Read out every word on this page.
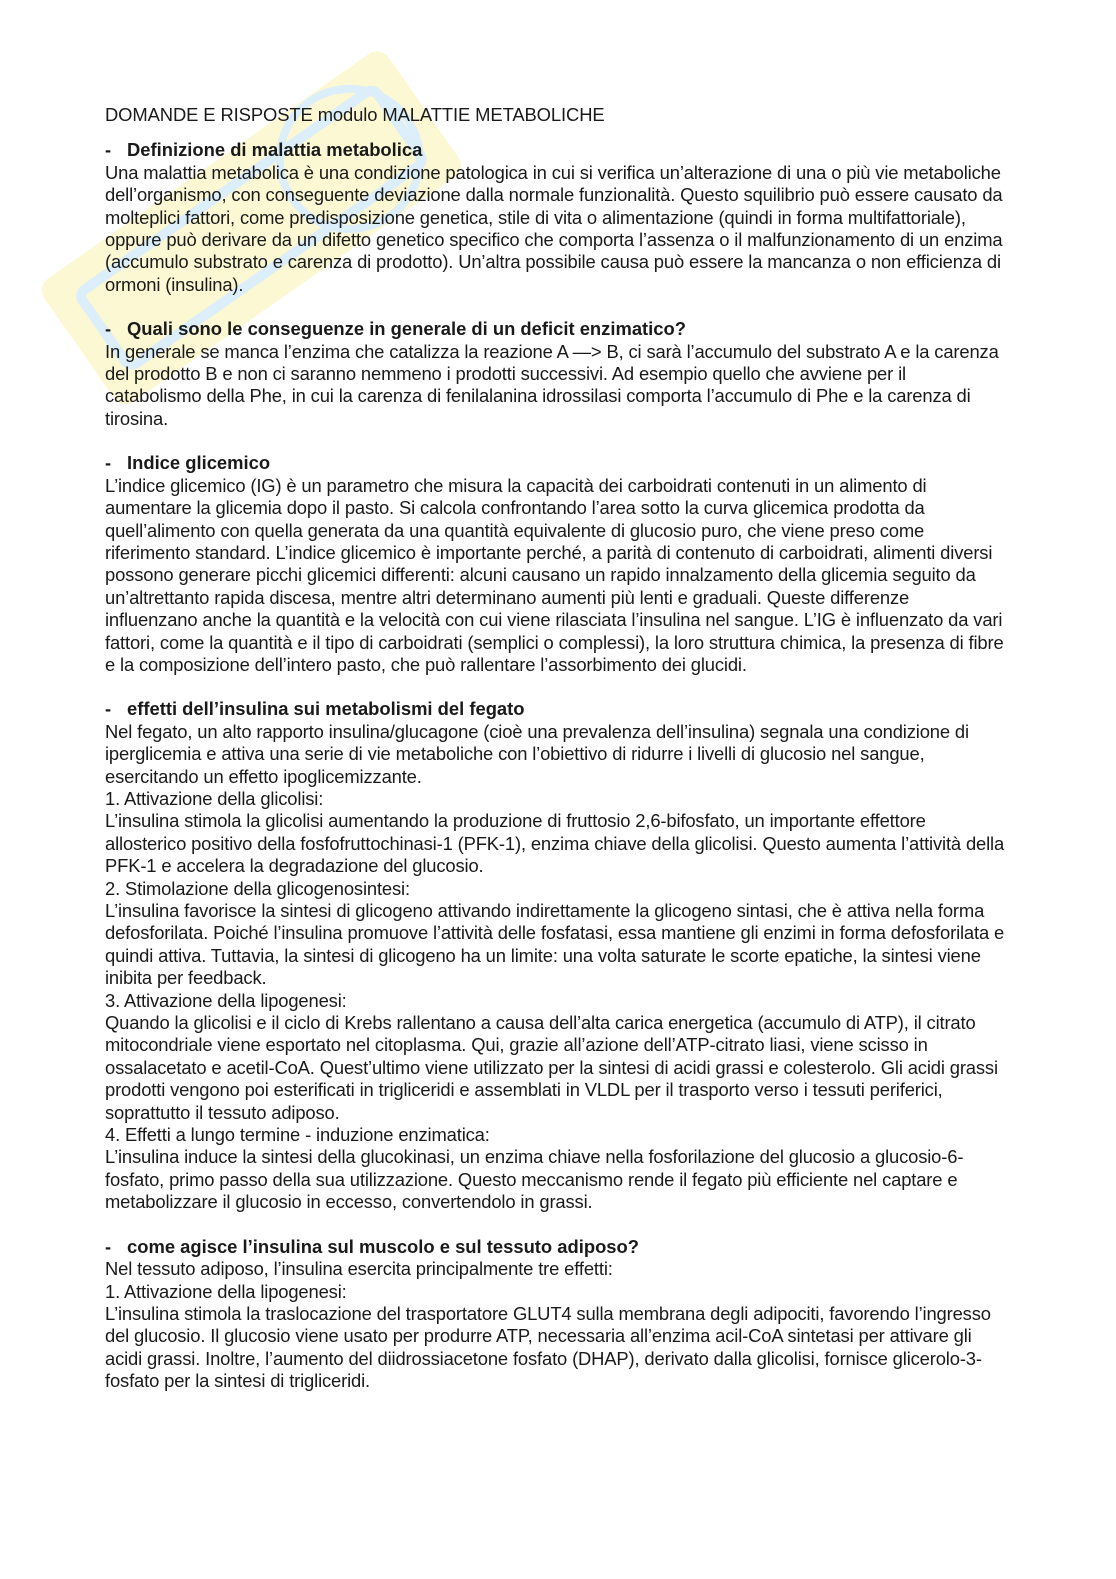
DOMANDE E RISPOSTE modulo MALATTIE METABOLICHE

- Definizione di malattia metabolica

Una malattia metabolica è una condizione patologica in cui si verifica un’alterazione di una o più vie metaboliche dell’organismo, con conseguente deviazione dalla normale funzionalità. Questo squilibrio può essere causato da molteplici fattori, come predisposizione genetica, stile di vita o alimentazione (quindi in forma multifattoriale), oppure può derivare da un difetto genetico specifico che comporta l’assenza o il malfunzionamento di un enzima (accumulo substrato e carenza di prodotto). Un’altra possibile causa può essere la mancanza o non efficienza di ormoni (insulina).

- Quali sono le conseguenze in generale di un deficit enzimatico?

In generale se manca l’enzima che catalizza la reazione A —> B, ci sarà l’accumulo del substrato A e la carenza del prodotto B e non ci saranno nemmeno i prodotti successivi. Ad esempio quello che avviene per il catabolismo della Phe, in cui la carenza di fenilalanina idrossilasi comporta l’accumulo di Phe e la carenza di tirosina.

- Indice glicemico

L’indice glicemico (IG) è un parametro che misura la capacità dei carboidrati contenuti in un alimento di aumentare la glicemia dopo il pasto. Si calcola confrontando l’area sotto la curva glicemica prodotta da quell’alimento con quella generata da una quantità equivalente di glucosio puro, che viene preso come riferimento standard. L’indice glicemico è importante perché, a parità di contenuto di carboidrati, alimenti diversi possono generare picchi glicemici differenti: alcuni causano un rapido innalzamento della glicemia seguito da un’altrettanto rapida discesa, mentre altri determinano aumenti più lenti e graduali. Queste differenze influenzano anche la quantità e la velocità con cui viene rilasciata l’insulina nel sangue. L’IG è influenzato da vari fattori, come la quantità e il tipo di carboidrati (semplici o complessi), la loro struttura chimica, la presenza di fibre e la composizione dell’intero pasto, che può rallentare l’assorbimento dei glucidi.

- effetti dell’insulina sui metabolismi del fegato

Nel fegato, un alto rapporto insulina/glucagone (cioè una prevalenza dell’insulina) segnala una condizione di iperglicemia e attiva una serie di vie metaboliche con l’obiettivo di ridurre i livelli di glucosio nel sangue, esercitando un effetto ipoglicemizzante.

1. Attivazione della glicolisi:

L’insulina stimola la glicolisi aumentando la produzione di fruttosio 2,6-bifosfato, un importante effettore allosterico positivo della fosfofruttochinasi-1 (PFK-1), enzima chiave della glicolisi. Questo aumenta l’attività della PFK-1 e accelera la degradazione del glucosio.

2. Stimolazione della glicogenosintesi:

L’insulina favorisce la sintesi di glicogeno attivando indirettamente la glicogeno sintasi, che è attiva nella forma defosforilata. Poiché l’insulina promuove l’attività delle fosfatasi, essa mantiene gli enzimi in forma defosforilata e quindi attiva. Tuttavia, la sintesi di glicogeno ha un limite: una volta saturate le scorte epatiche, la sintesi viene inibita per feedback.

3. Attivazione della lipogenesi:

Quando la glicolisi e il ciclo di Krebs rallentano a causa dell’alta carica energetica (accumulo di ATP), il citrato mitocondriale viene esportato nel citoplasma. Qui, grazie all’azione dell’ATP-citrato liasi, viene scisso in ossalacetato e acetil-CoA. Quest’ultimo viene utilizzato per la sintesi di acidi grassi e colesterolo. Gli acidi grassi prodotti vengono poi esterificati in trigliceridi e assemblati in VLDL per il trasporto verso i tessuti periferici, soprattutto il tessuto adiposo.

4. Effetti a lungo termine - induzione enzimatica:

L’insulina induce la sintesi della glucokinasi, un enzima chiave nella fosforilazione del glucosio a glucosio-6-fosfato, primo passo della sua utilizzazione. Questo meccanismo rende il fegato più efficiente nel captare e metabolizzare il glucosio in eccesso, convertendolo in grassi.

- come agisce l’insulina sul muscolo e sul tessuto adiposo?

Nel tessuto adiposo, l’insulina esercita principalmente tre effetti:

1. Attivazione della lipogenesi:

L’insulina stimola la traslocazione del trasportatore GLUT4 sulla membrana degli adipociti, favorendo l’ingresso del glucosio. Il glucosio viene usato per produrre ATP, necessaria all’enzima acil-CoA sintetasi per attivare gli acidi grassi. Inoltre, l’aumento del diidrossiacetone fosfato (DHAP), derivato dalla glicolisi, fornisce glicerolo-3-fosfato per la sintesi di trigliceridi.
